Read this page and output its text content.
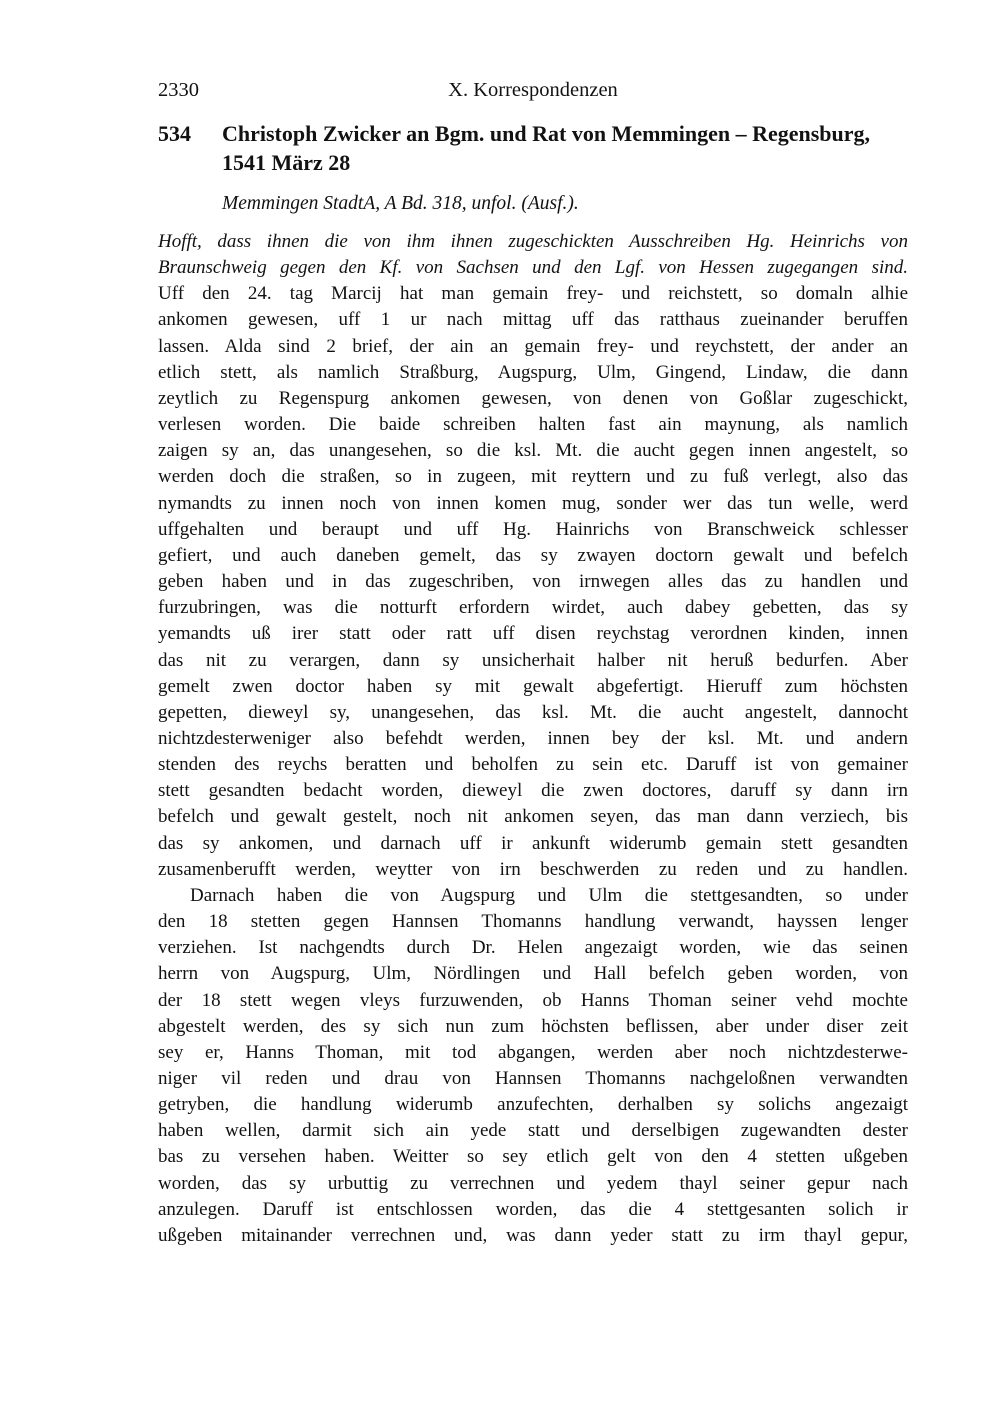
2330	X. Korrespondenzen
534 Christoph Zwicker an Bgm. und Rat von Memmingen – Regensburg,
1541 März 28
Memmingen StadtA, A Bd. 318, unfol. (Ausf.).
Hofft, dass ihnen die von ihm ihnen zugeschickten Ausschreiben Hg. Heinrichs von
Braunschweig gegen den Kf. von Sachsen und den Lgf. von Hessen zugegangen sind.
Uff den 24. tag Marcij hat man gemain frey- und reichstett, so domaln alhie
ankomen gewesen, uff 1 ur nach mittag uff das ratthaus zueinander beruffen
lassen. Alda sind 2 brief, der ain an gemain frey- und reychstett, der ander an
etlich stett, als namlich Straßburg, Augspurg, Ulm, Gingend, Lindaw, die dann
zeytlich zu Regenspurg ankomen gewesen, von denen von Goßlar zugeschickt,
verlesen worden. Die baide schreiben halten fast ain maynung, als namlich
zaigen sy an, das unangesehen, so die ksl. Mt. die aucht gegen innen angestelt, so
werden doch die straßen, so in zugeen, mit reyttern und zu fuß verlegt, also das
nymandts zu innen noch von innen komen mug, sonder wer das tun welle, werd
uffgehalten und beraupt und uff Hg. Hainrichs von Branschweick schlesser
gefiert, und auch daneben gemelt, das sy zwayen doctorn gewalt und befelch
geben haben und in das zugeschriben, von irnwegen alles das zu handlen und
furzubringen, was die notturft erfordern wirdet, auch dabey gebetten, das sy
yemandts uß irer statt oder ratt uff disen reychstag verordnen kinden, innen
das nit zu verargen, dann sy unsicherhait halber nit heruß bedurfen. Aber
gemelt zwen doctor haben sy mit gewalt abgefertigt. Hieruff zum höchsten
gepetten, dieweyl sy, unangesehen, das ksl. Mt. die aucht angestelt, dannocht
nichtzdesterweniger also befehdt werden, innen bey der ksl. Mt. und andern
stenden des reychs beratten und beholfen zu sein etc. Daruff ist von gemainer
stett gesandten bedacht worden, dieweyl die zwen doctores, daruff sy dann irn
befelch und gewalt gestelt, noch nit ankomen seyen, das man dann verziech, bis
das sy ankomen, und darnach uff ir ankunft widerumb gemain stett gesandten
zusamenberufft werden, weytter von irn beschwerden zu reden und zu handlen.
Darnach haben die von Augspurg und Ulm die stettgesandten, so under
den 18 stetten gegen Hannsen Thomanns handlung verwandt, hayssen lenger
verziehen. Ist nachgendts durch Dr. Helen angezaigt worden, wie das seinen
herrn von Augspurg, Ulm, Nördlingen und Hall befelch geben worden, von
der 18 stett wegen vleys furzuwenden, ob Hanns Thoman seiner vehd mochte
abgestelt werden, des sy sich nun zum höchsten beflissen, aber under diser zeit
sey er, Hanns Thoman, mit tod abgangen, werden aber noch nichtzdesterwe-
niger vil reden und drau von Hannsen Thomanns nachgeloßnen verwandten
getryben, die handlung widerumb anzufechten, derhalben sy solichs angezaigt
haben wellen, darmit sich ain yede statt und derselbigen zugewandten dester
bas zu versehen haben. Weitter so sey etlich gelt von den 4 stetten ußgeben
worden, das sy urbuttig zu verrechnen und yedem thayl seiner gepur nach
anzulegen. Daruff ist entschlossen worden, das die 4 stettgesanten solich ir
ußgeben mitainander verrechnen und, was dann yeder statt zu irm thayl gepur,
